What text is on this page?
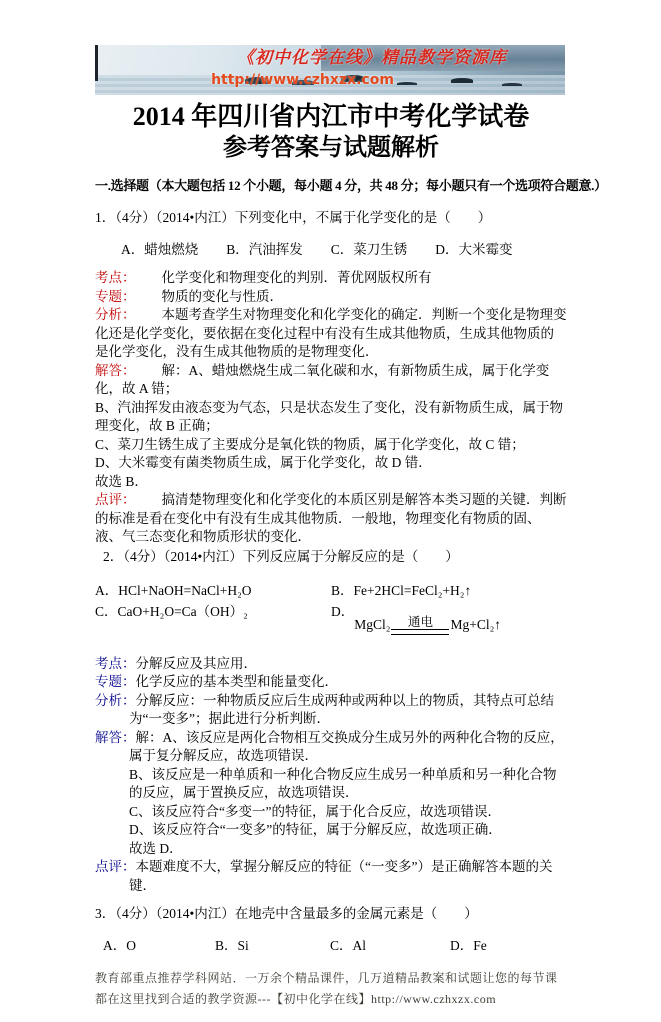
《初中化学在线》精品教学资源库
http://www.czhxzx.com
2014 年四川省内江市中考化学试卷
参考答案与试题解析

一.选择题（本大题包括 12 个小题，每小题 4 分，共 48 分；每小题只有一个选项符合题意.）

1．（4分）（2014•内江）下列变化中，不属于化学变化的是（　　）

A．蜡烛燃烧 B．汽油挥发 C．菜刀生锈 D．大米霉变

考点： 化学变化和物理变化的判别．菁优网版权所有

专题： 物质的变化与性质．

分析： 本题考查学生对物理变化和化学变化的确定．判断一个变化是物理变化还是化学变化，要依据在变化过程中有没有生成其他物质，生成其他物质的是化学变化，没有生成其他物质的是物理变化．

解答： 解：A、蜡烛燃烧生成二氧化碳和水，有新物质生成，属于化学变化，故 A 错；

B、汽油挥发由液态变为气态，只是状态发生了变化，没有新物质生成，属于物理变化，故 B 正确；

C、菜刀生锈生成了主要成分是氧化铁的物质，属于化学变化，故 C 错；

D、大米霉变有菌类物质生成，属于化学变化，故 D 错．

故选 B．

点评： 搞清楚物理变化和化学变化的本质区别是解答本类习题的关键．判断的标准是看在变化中有没有生成其他物质．一般地，物理变化有物质的固、液、气三态变化和物质形状的变化．

2．（4分）（2014•内江）下列反应属于分解反应的是（　　）

A．HCl+NaOH=NaCl+H₂O	B．Fe+2HCl=FeCl₂+H₂↑
C．CaO+H₂O=Ca（OH）₂	D．
MgCl₂ 通电 Mg+Cl₂↑

考点：分解反应及其应用．

专题：化学反应的基本类型和能量变化．

分析：分解反应：一种物质反应后生成两种或两种以上的物质，其特点可总结为“一变多”；据此进行分析判断．

解答：解：A、该反应是两化合物相互交换成分生成另外的两种化合物的反应，属于复分解反应，故选项错误．

B、该反应是一种单质和一种化合物反应生成另一种单质和另一种化合物的反应，属于置换反应，故选项错误．

C、该反应符合“多变一”的特征，属于化合反应，故选项错误．

D、该反应符合“一变多”的特征，属于分解反应，故选项正确．

故选 D．

点评：本题难度不大，掌握分解反应的特征（“一变多”）是正确解答本题的关键．

3．（4分）（2014•内江）在地壳中含量最多的金属元素是（　　）

A．O	B．Si	C．Al	D．Fe

教育部重点推荐学科网站．一万余个精品课件，几万道精品教案和试题让您的每节课都在这里找到合适的教学资源---【初中化学在线】http://www.czhxzx.com
